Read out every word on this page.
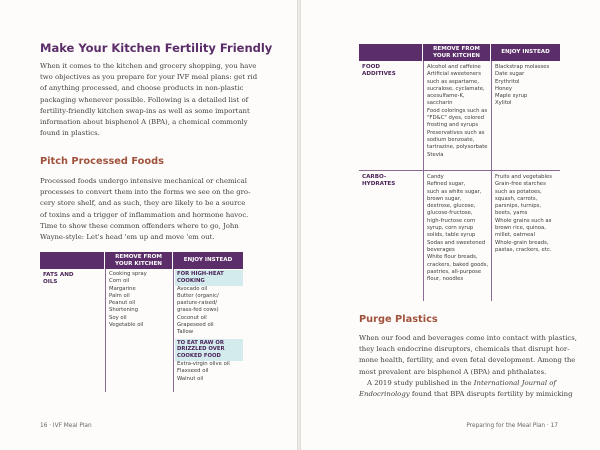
Make Your Kitchen Fertility Friendly
When it comes to the kitchen and grocery shopping, you have
two objectives as you prepare for your IVF meal plans: get rid
of anything processed, and choose products in non-plastic
packaging whenever possible. Following is a detailed list of
fertility-friendly kitchen swap-ins as well as some important
information about bisphenol A (BPA), a chemical commonly
found in plastics.
Pitch Processed Foods
Processed foods undergo intensive mechanical or chemical
processes to convert them into the forms we see on the gro-
cery store shelf, and as such, they are likely to be a source
of toxins and a trigger of inflammation and hormone havoc.
Time to show these common offenders where to go, John
Wayne-style: Let's head 'em up and move 'em out.
REMOVE FROM
YOUR KITCHEN
ENJOY INSTEAD
FATS AND
OILS
Cooking spray
Corn oil
Margarine
Palm oil
Peanut oil
Shortening
Soy oil
Vegetable oil
FOR HIGH-HEAT
COOKING
Avocado oil
Butter (organic/
pasture-raised/
grass-fed cows)
Coconut oil
Grapeseed oil
Tallow
TO EAT RAW OR
DRIZZLED OVER
COOKED FOOD
Extra-virgin olive oil
Flaxseed oil
Walnut oil
16 · IVF Meal Plan
REMOVE FROM
YOUR KITCHEN
ENJOY INSTEAD
FOOD
ADDITIVES
Alcohol and caffeine
Artificial sweeteners
such as aspartame,
sucralose, cyclamate,
acesulfame-K,
saccharin
Food colorings such as
"FD&C" dyes, colored
frosting and syrups
Preservatives such as
sodium benzoate,
tartrazine, polysorbate
Stevia
Blackstrap molasses
Date sugar
Erythritol
Honey
Maple syrup
Xylitol
CARBO-
HYDRATES
Candy
Refined sugar,
such as white sugar,
brown sugar,
dextrose, glucose,
glucose-fructose,
high-fructose corn
syrup, corn syrup
solids, table syrup
Sodas and sweetened
beverages
White flour breads,
crackers, baked goods,
pastries, all-purpose
flour, noodles
Fruits and vegetables
Grain-free starches
such as potatoes,
squash, carrots,
parsnips, turnips,
beets, yams
Whole grains such as
brown rice, quinoa,
millet, oatmeal
Whole-grain breads,
pastas, crackers, etc.
Purge Plastics
When our food and beverages come into contact with plastics,
they leach endocrine disruptors, chemicals that disrupt hor-
mone health, fertility, and even fetal development. Among the
most prevalent are bisphenol A (BPA) and phthalates.
A 2019 study published in the International Journal of
Endocrinology found that BPA disrupts fertility by mimicking
Preparing for the Meal Plan · 17
